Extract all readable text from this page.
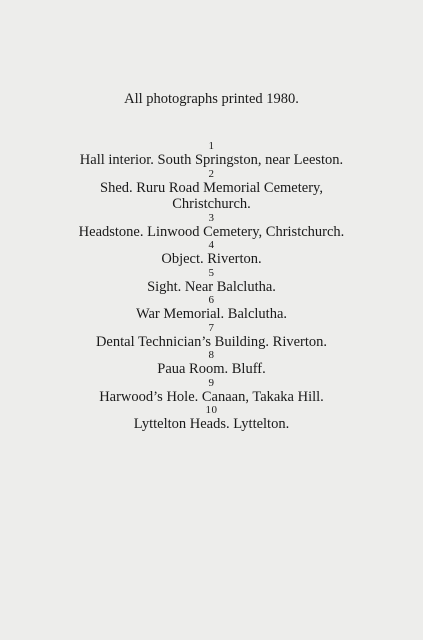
All photographs printed 1980.
1
Hall interior. South Springston, near Leeston.
2
Shed. Ruru Road Memorial Cemetery, Christchurch.
3
Headstone. Linwood Cemetery, Christchurch.
4
Object. Riverton.
5
Sight. Near Balclutha.
6
War Memorial. Balclutha.
7
Dental Technician’s Building. Riverton.
8
Paua Room. Bluff.
9
Harwood’s Hole. Canaan, Takaka Hill.
10
Lyttelton Heads. Lyttelton.
